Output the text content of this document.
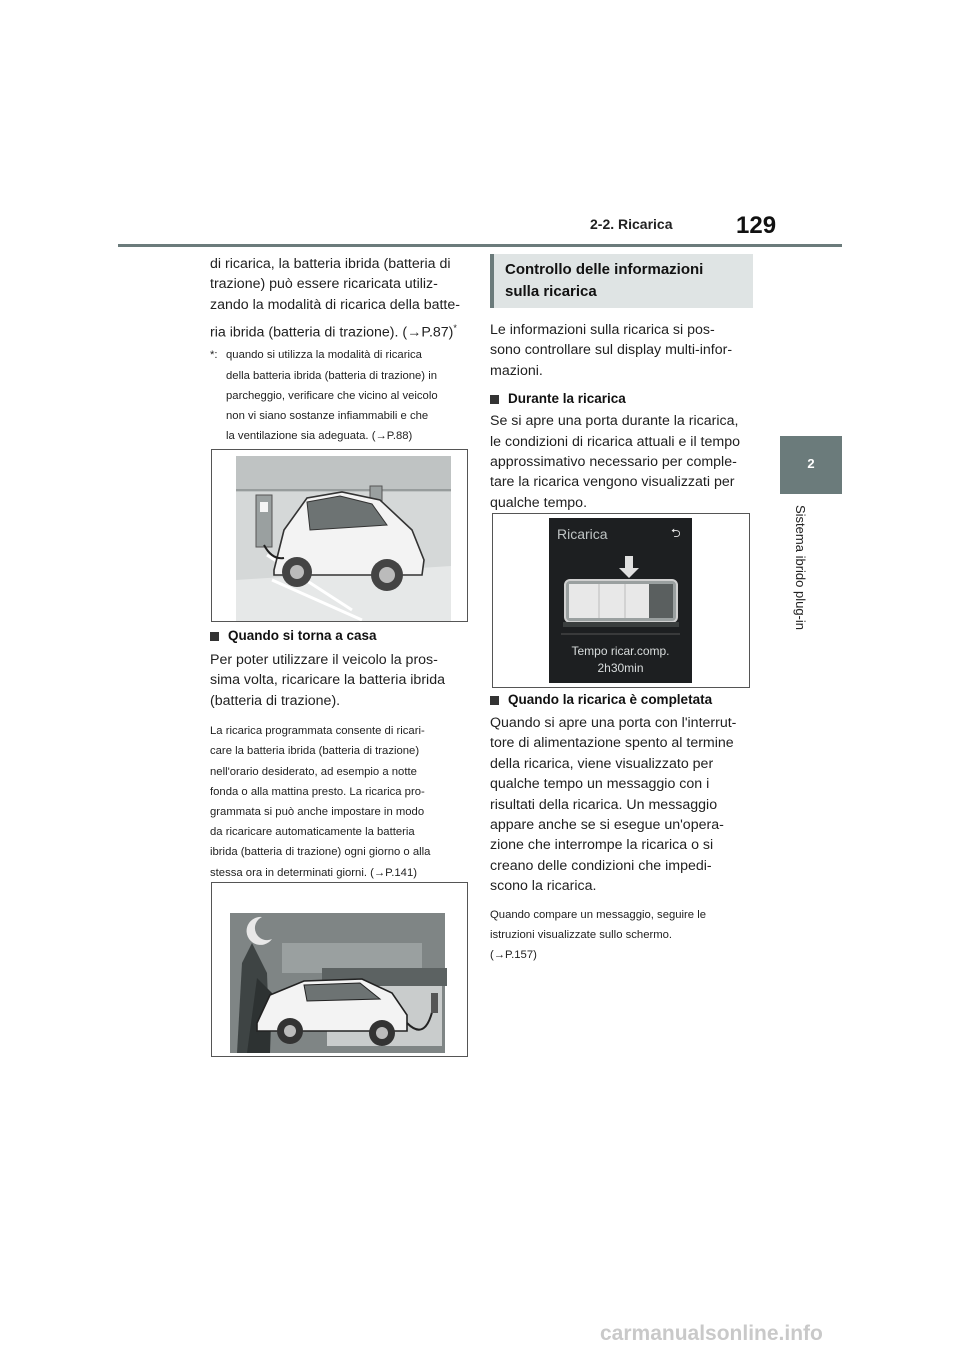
2-2. Ricarica	129
2
Sistema ibrido plug-in

di ricarica, la batteria ibrida (batteria di

trazione) può essere ricaricata utiliz-

zando la modalità di ricarica della batte-

ria ibrida (batteria di trazione). (→P.87)*

*: quando si utilizza la modalità di ricarica

della batteria ibrida (batteria di trazione) in

parcheggio, verificare che vicino al veicolo

non vi siano sostanze infiammabili e che

la ventilazione sia adeguata. (→P.88)

Quando si torna a casa

Per poter utilizzare il veicolo la pros-

sima volta, ricaricare la batteria ibrida

(batteria di trazione).

La ricarica programmata consente di ricari-

care la batteria ibrida (batteria di trazione)

nell'orario desiderato, ad esempio a notte

fonda o alla mattina presto. La ricarica pro-

grammata si può anche impostare in modo

da ricaricare automaticamente la batteria

ibrida (batteria di trazione) ogni giorno o alla

stessa ora in determinati giorni. (→P.141)

Controllo delle informazioni

sulla ricarica

Le informazioni sulla ricarica si pos-

sono controllare sul display multi-infor-

mazioni.

Durante la ricarica

Se si apre una porta durante la ricarica,

le condizioni di ricarica attuali e il tempo

approssimativo necessario per comple-

tare la ricarica vengono visualizzati per

qualche tempo.

Ricarica	⮌
Tempo ricar.comp.
2h30min

Quando la ricarica è completata

Quando si apre una porta con l'interrut-

tore di alimentazione spento al termine

della ricarica, viene visualizzato per

qualche tempo un messaggio con i

risultati della ricarica. Un messaggio

appare anche se si esegue un'opera-

zione che interrompe la ricarica o si

creano delle condizioni che impedi-

scono la ricarica.

Quando compare un messaggio, seguire le

istruzioni visualizzate sullo schermo.

(→P.157)

carmanualsonline.info
